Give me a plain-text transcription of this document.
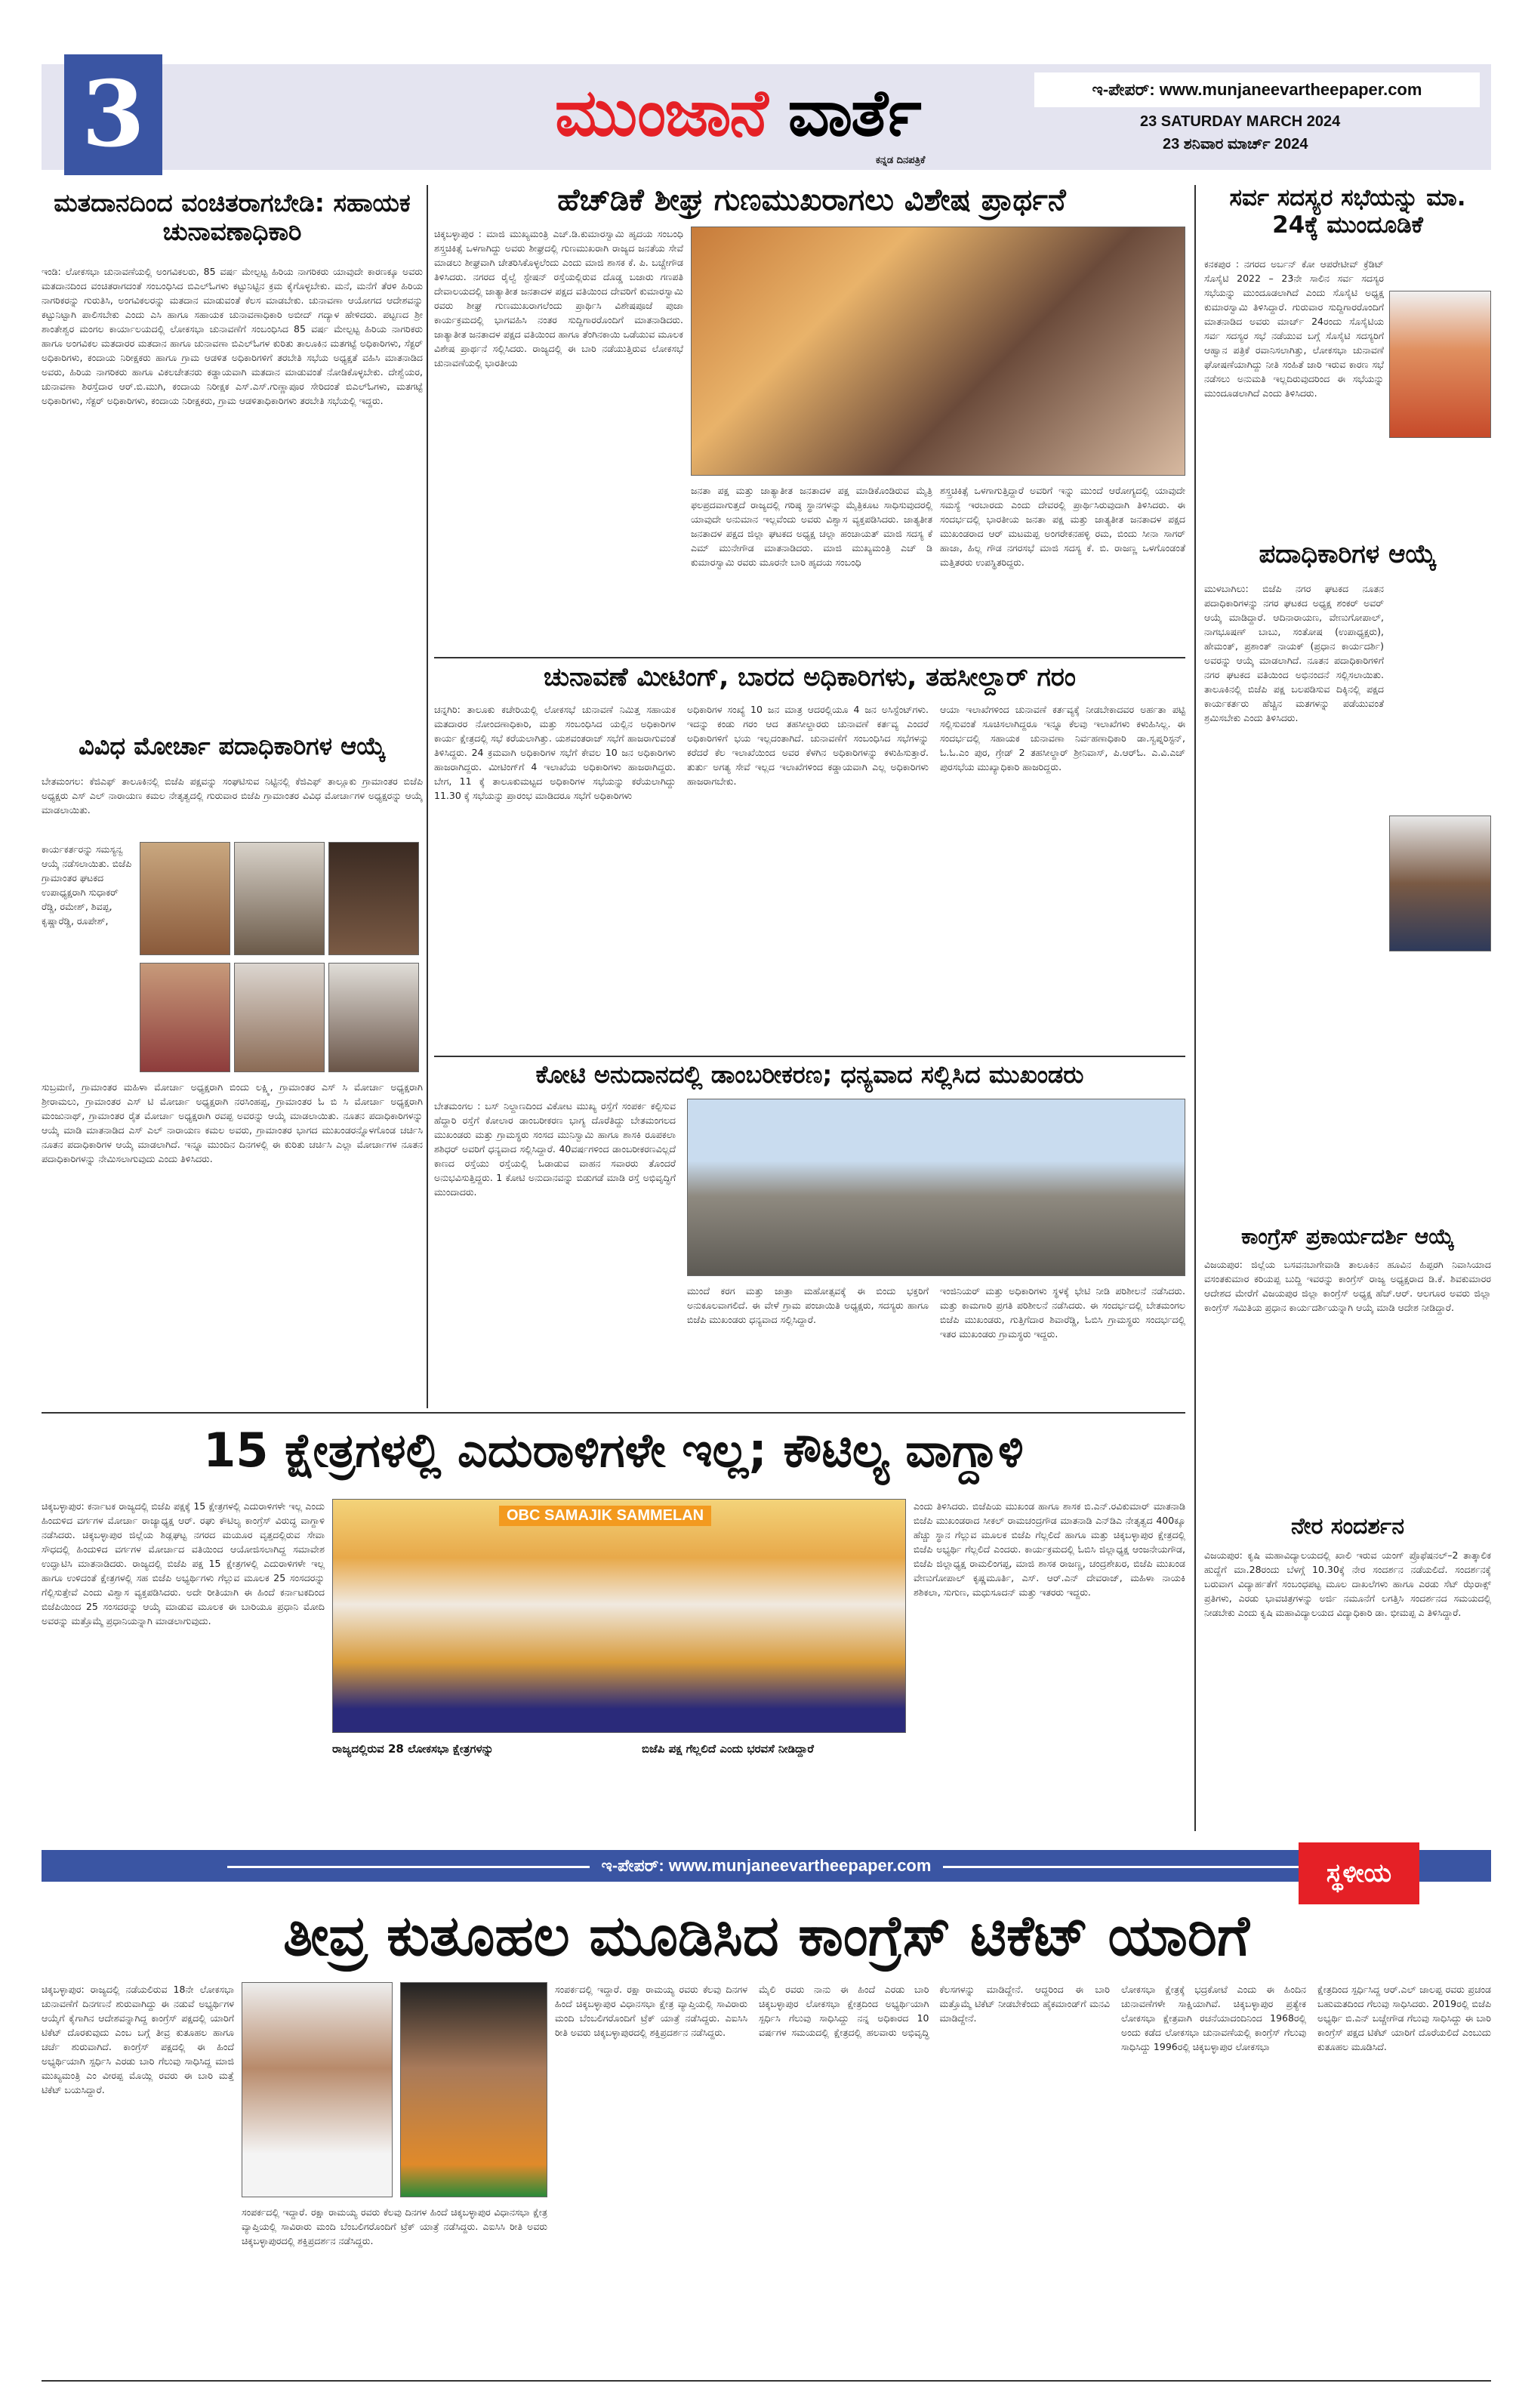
3	ಮುಂಜಾನೆ ವಾರ್ತೆ
ಕನ್ನಡ ದಿನಪತ್ರಿಕೆ
ಇ-ಪೇಪರ್: www.munjaneevartheepaper.com
23 SATURDAY MARCH 2024
23 ಶನಿವಾರ ಮಾರ್ಚ್ 2024
ಮತದಾನದಿಂದ ವಂಚಿತರಾಗಬೇಡಿ: ಸಹಾಯಕ ಚುನಾವಣಾಧಿಕಾರಿ
ಇಂಡಿ: ಲೋಕಸಭಾ ಚುನಾವಣೆಯಲ್ಲಿ ಅಂಗವಿಕಲರು, 85 ವರ್ಷ ಮೇಲ್ಪಟ್ಟ ಹಿರಿಯ ನಾಗರಿಕರು ಯಾವುದೇ ಕಾರಣಕ್ಕೂ ಅವರು ಮತದಾನದಿಂದ ವಂಚಿತರಾಗದಂತೆ ಸಂಬಂಧಿಸಿದ ಬಿಎಲ್‌ಓಗಳು ಕಟ್ಟುನಿಟ್ಟಿನ ಕ್ರಮ ಕೈಗೊಳ್ಳಬೇಕು. ಮನೆ, ಮನೆಗೆ ತೆರಳಿ ಹಿರಿಯ ನಾಗರಿಕರನ್ನು ಗುರುತಿಸಿ, ಅಂಗವಿಕಲರನ್ನು ಮತದಾನ ಮಾಡುವಂತೆ ಕೆಲಸ ಮಾಡಬೇಕು. ಚುನಾವಣಾ ಆಯೋಗದ ಆದೇಶವನ್ನು ಕಟ್ಟುನಿಟ್ಟಾಗಿ ಪಾಲಿಸಬೇಕು ಎಂದು ಎಸಿ ಹಾಗೂ ಸಹಾಯಕ ಚುನಾವಣಾಧಿಕಾರಿ ಅಬೀದ್ ಗದ್ಯಾಳ ಹೇಳಿದರು. ಪಟ್ಟಣದ ಶ್ರೀ ಶಾಂತೇಶ್ವರ ಮಂಗಲ ಕಾರ್ಯಾಲಯದಲ್ಲಿ ಲೋಕಸಭಾ ಚುನಾವಣೆಗೆ ಸಂಬಂಧಿಸಿದ 85 ವರ್ಷ ಮೇಲ್ಪಟ್ಟ ಹಿರಿಯ ನಾಗರಿಕರು ಹಾಗೂ ಅಂಗವಿಕಲ ಮತದಾರರ ಮತದಾನ ಹಾಗೂ ಚುನಾವಣಾ ಬಿಎಲ್‌ಓಗಳ ಕುರಿತು ತಾಲೂಕಿನ ಮತಗಟ್ಟೆ ಅಧಿಕಾರಿಗಳು, ಸೆಕ್ಟರ್ ಅಧಿಕಾರಿಗಳು, ಕಂದಾಯ ನಿರೀಕ್ಷಕರು ಹಾಗೂ ಗ್ರಾಮ ಆಡಳಿತ ಅಧಿಕಾರಿಗಳಿಗೆ ತರಬೇತಿ ಸಭೆಯ ಅಧ್ಯಕ್ಷತೆ ವಹಿಸಿ ಮಾತನಾಡಿದ ಅವರು, ಹಿರಿಯ ನಾಗರಿಕರು ಹಾಗೂ ವಿಕಲಚೇತನರು ಕಡ್ಡಾಯವಾಗಿ ಮತದಾನ ಮಾಡುವಂತೆ ನೋಡಿಕೊಳ್ಳಬೇಕು. ದೇಶ್ವೆಯರ, ಚುನಾವಣಾ ಶಿರಸ್ತೆದಾರ ಆರ್.ಬಿ.ಮುಗಿ, ಕಂದಾಯ ನಿರೀಕ್ಷಕ ಎಸ್.ಎಸ್.ಗುಣ್ಣಾಪೂರ ಸೇರಿದಂತೆ ಬಿಎಲ್‌ಓಗಳು, ಮತಗಟ್ಟೆ ಅಧಿಕಾರಿಗಳು, ಸೆಕ್ಟರ್ ಅಧಿಕಾರಿಗಳು, ಕಂದಾಯ ನಿರೀಕ್ಷಕರು, ಗ್ರಾಮ ಆಡಳಿತಾಧಿಕಾರಿಗಳು ತರಬೇತಿ ಸಭೆಯಲ್ಲಿ ಇದ್ದರು.
ವಿವಿಧ ಮೋರ್ಚಾ ಪದಾಧಿಕಾರಿಗಳ ಆಯ್ಕೆ
ಬೇತಮಂಗಲ: ಕೆಜಿಎಫ್ ತಾಲೂಕಿನಲ್ಲಿ ಬಿಜೆಪಿ ಪಕ್ಷವನ್ನು ಸಂಘಟಿಸುವ ನಿಟ್ಟಿನಲ್ಲಿ ಕೆಜಿಎಫ್ ತಾಲ್ಲೂಕು ಗ್ರಾಮಾಂತರ ಬಿಜೆಪಿ ಅಧ್ಯಕ್ಷರು ಎಸ್ ಎಲ್ ನಾರಾಯಣ ಕಮಲ ನೇತೃತ್ವದಲ್ಲಿ ಗುರುವಾರ ಬಿಜೆಪಿ ಗ್ರಾಮಾಂತರ ವಿವಿಧ ಮೋರ್ಚಾಗಳ ಅಧ್ಯಕ್ಷರನ್ನು ಆಯ್ಕೆ ಮಾಡಲಾಯಿತು.
ಕಾರ್ಯಕರ್ತರನ್ನು ಸಮಸ್ಯನ್ವ ಆಯ್ಕೆ ನಡೆಸಲಾಯಿತು. ಬಿಜೆಪಿ ಗ್ರಾಮಾಂತರ ಘಟಕದ ಉಪಾಧ್ಯಕ್ಷರಾಗಿ ಸುಧಾಕರ್ ರೆಡ್ಡಿ, ರಮೇಶ್, ಶಿವಪ್ಪ, ಕೃಷ್ಣಾರೆಡ್ಡಿ, ರೂಪೇಶ್,
ಸುಬ್ರಮಣಿ, ಗ್ರಾಮಾಂತರ ಮಹಿಳಾ ಮೋರ್ಚಾ ಅಧ್ಯಕ್ಷರಾಗಿ ಬಿಂದು ಲಕ್ಷ್ಮಿ, ಗ್ರಾಮಾಂತರ ಎಸ್ ಸಿ ಮೋರ್ಚಾ ಅಧ್ಯಕ್ಷರಾಗಿ ಶ್ರೀರಾಮಲು, ಗ್ರಾಮಾಂತರ ಎಸ್ ಟಿ ಮೋರ್ಚಾ ಅಧ್ಯಕ್ಷರಾಗಿ ನರಸಿಂಹಪ್ಪ, ಗ್ರಾಮಾಂತರ ಓ ಬಿ ಸಿ ಮೋರ್ಚಾ ಅಧ್ಯಕ್ಷರಾಗಿ ಮಂಜುನಾಥ್, ಗ್ರಾಮಾಂತರ ರೈತ ಮೋರ್ಚಾ ಅಧ್ಯಕ್ಷರಾಗಿ ರವಪ್ಪ ಅವರನ್ನು ಆಯ್ಕೆ ಮಾಡಲಾಯಿತು. ನೂತನ ಪದಾಧಿಕಾರಿಗಳನ್ನು ಆಯ್ಕೆ ಮಾಡಿ ಮಾತನಾಡಿದ ಎಸ್ ಎಲ್ ನಾರಾಯಣ ಕಮಲ ಅವರು, ಗ್ರಾಮಾಂತರ ಭಾಗದ ಮುಖಂಡರನ್ನೊಳಗೊಂಡ ಚರ್ಚಿಸಿ ನೂತನ ಪದಾಧಿಕಾರಿಗಳ ಆಯ್ಕೆ ಮಾಡಲಾಗಿದೆ. ಇನ್ನೂ ಮುಂದಿನ ದಿನಗಳಲ್ಲಿ ಈ ಕುರಿತು ಚರ್ಚಿಸಿ ಎಲ್ಲಾ ಮೋರ್ಚಾಗಳ ನೂತನ ಪದಾಧಿಕಾರಿಗಳನ್ನು ನೇಮಿಸಲಾಗುವುದು ಎಂದು ತಿಳಿಸಿದರು.
ಹೆಚ್‌ಡಿಕೆ ಶೀಘ್ರ ಗುಣಮುಖರಾಗಲು ವಿಶೇಷ ಪ್ರಾರ್ಥನೆ
ಚಿಕ್ಕಬಳ್ಳಾಪುರ : ಮಾಜಿ ಮುಖ್ಯಮಂತ್ರಿ ಎಚ್.ಡಿ.ಕುಮಾರಸ್ವಾಮಿ ಹೃದಯ ಸಂಬಂಧಿ ಶಸ್ತ್ರಚಿಕಿತ್ಸೆ ಒಳಗಾಗಿದ್ದು ಅವರು ಶೀಘ್ರದಲ್ಲಿ ಗುಣಮುಖರಾಗಿ ರಾಜ್ಯದ ಜನತೆಯ ಸೇವೆ ಮಾಡಲು ಶೀಘ್ರವಾಗಿ ಚೇತರಿಸಿಕೊಳ್ಳಲೆಂದು ಎಂದು ಮಾಜಿ ಶಾಸಕ ಕೆ. ಪಿ. ಬಚ್ಚೇಗೌಡ ತಿಳಿಸಿದರು. ನಗರದ ರೈಲ್ವೆ ಸ್ಟೇಷನ್ ರಸ್ತೆಯಲ್ಲಿರುವ ದೊಡ್ಡ ಬಜಾರು ಗಣಪತಿ ದೇವಾಲಯದಲ್ಲಿ ಜಾತ್ಯಾತೀತ ಜನತಾದಳ ಪಕ್ಷದ ವತಿಯಿಂದ ದೇವರಿಗೆ ಕುಮಾರಸ್ವಾಮಿ ರವರು ಶೀಘ್ರ ಗುಣಮುಖರಾಗಲೆಂದು ಪ್ರಾರ್ಥಿಸಿ ವಿಶೇಷಪೂಜೆ ಪುಜಾ ಕಾರ್ಯಕ್ರಮದಲ್ಲಿ ಭಾಗವಹಿಸಿ ನಂತರ ಸುದ್ದಿಗಾರರೊಂದಿಗೆ ಮಾತನಾಡಿದರು. ಜಾತ್ಯಾತೀತ ಜನತಾದಳ ಪಕ್ಷದ ವತಿಯಿಂದ ಹಾಗೂ ತೆಂಗಿನಕಾಯಿ ಒಡೆಯುವ ಮೂಲಕ ವಿಶೇಷ ಪ್ರಾರ್ಥನೆ ಸಲ್ಲಿಸಿದರು. ರಾಜ್ಯದಲ್ಲಿ ಈ ಬಾರಿ ನಡೆಯುತ್ತಿರುವ ಲೋಕಸಭೆ ಚುನಾವಣೆಯಲ್ಲಿ ಭಾರತೀಯ
ಜನತಾ ಪಕ್ಷ ಮತ್ತು ಜಾತ್ಯಾತೀತ ಜನತಾದಳ ಪಕ್ಷ ಮಾಡಿಕೊಂಡಿರುವ ಮೈತ್ರಿ ಫಲಪ್ರದವಾಗುತ್ತದೆ ರಾಜ್ಯದಲ್ಲಿ ಗರಿಷ್ಠ ಸ್ಥಾನಗಳನ್ನು ಮೈತ್ರಿಕೂಟ ಸಾಧಿಸುವುದರಲ್ಲಿ ಯಾವುದೇ ಅನುಮಾನ ಇಲ್ಲವೆಂದು ಅವರು ವಿಶ್ವಾಸ ವ್ಯಕ್ತಪಡಿಸಿದರು. ಜಾತ್ಯತೀತ ಜನತಾದಳ ಪಕ್ಷದ ಜಿಲ್ಲಾ ಘಟಕದ ಅಧ್ಯಕ್ಷ ಚಲ್ಲಾ ಹಂಚಾಯತ್ ಮಾಜಿ ಸದಸ್ಯ ಕೆ ಎಮ್ ಮುನೇಗೌಡ ಮಾತನಾಡಿದರು. ಮಾಜಿ ಮುಖ್ಯಮಂತ್ರಿ ಎಚ್ ಡಿ ಕುಮಾರಸ್ವಾಮಿ ರವರು ಮೂರನೇ ಬಾರಿ ಹೃದಯ ಸಂಬಂಧಿ
ಶಸ್ತ್ರಚಿಕಿತ್ಸೆ ಒಳಗಾಗುತ್ತಿದ್ದಾರೆ ಅವರಿಗೆ ಇನ್ನು ಮುಂದೆ ಆರೋಗ್ಯದಲ್ಲಿ ಯಾವುದೇ ಸಮಸ್ಯೆ ಇರಬಾರದು ಎಂದು ದೇವರಲ್ಲಿ ಪ್ರಾರ್ಥಿಸಿರುವುದಾಗಿ ತಿಳಿಸಿದರು. ಈ ಸಂದರ್ಭದಲ್ಲಿ ಭಾರತೀಯ ಜನತಾ ಪಕ್ಷ ಮತ್ತು ಜಾತ್ಯತೀತ ಜನತಾದಳ ಪಕ್ಷದ ಮುಖಂಡರಾದ ಆರ್ ಮಟಮಪ್ಪ ಅಂಗರೇಕನಹಳ್ಳಿ ರಮ, ಬಿಂದು ಸೀನಾ ಸಾಗರ್ ಹಾಜಾ, ಹಿಲ್ಲ ಗೌಡ ನಗರಸಭೆ ಮಾಜಿ ಸದಸ್ಯ ಕೆ. ಬಿ. ರಾಜಣ್ಣ ಒಳಗೊಂಡಂತೆ ಮತ್ತಿತರರು ಉಪಸ್ಥಿತರಿದ್ದರು.
ಚುನಾವಣೆ ಮೀಟಿಂಗ್, ಬಾರದ ಅಧಿಕಾರಿಗಳು, ತಹಸೀಲ್ದಾರ್ ಗರಂ
ಚನ್ನಗಿರಿ: ತಾಲೂಕು ಕಚೇರಿಯಲ್ಲಿ ಲೋಕಸಭೆ ಚುನಾವಣೆ ನಿಮಿತ್ತ ಸಹಾಯಕ ಮತದಾರರ ನೋಂದಣಾಧಿಕಾರಿ, ಮತ್ತು ಸಂಬಂಧಿಸಿದ ಯಲ್ಲಿನ ಅಧಿಕಾರಿಗಳ ಕಾರ್ಯ ಕ್ಷೇತ್ರದಲ್ಲಿ ಸಭೆ ಕರೆಯಲಾಗಿತ್ತು. ಯಶವಂತರಾಜ್ ಸಭೆಗೆ ಹಾಜರಾಗುವಂತೆ ತಿಳಿಸಿದ್ದರು. 24 ಕ್ರಮವಾಗಿ ಅಧಿಕಾರಿಗಳ ಸಭೆಗೆ ಕೇವಲ 10 ಜನ ಅಧಿಕಾರಿಗಳು ಹಾಜರಾಗಿದ್ದರು. ಮೀಟಿಂಗ್‌ಗೆ 4 ಇಲಾಖೆಯ ಅಧಿಕಾರಿಗಳು ಹಾಜರಾಗಿದ್ದರು. ಬೇಗ, 11 ಕ್ಕೆ ತಾಲೂಕುಮಟ್ಟದ ಅಧಿಕಾರಿಗಳ ಸಭೆಯನ್ನು ಕರೆಯಲಾಗಿದ್ದು 11.30 ಕ್ಕೆ ಸಭೆಯನ್ನು ಪ್ರಾರಂಭ ಮಾಡಿದರೂ ಸಭೆಗೆ ಅಧಿಕಾರಿಗಳು
ಅಧಿಕಾರಿಗಳ ಸಂಖ್ಯೆ 10 ಜನ ಮಾತ್ರ ಆದರಲ್ಲಿಯೂ 4 ಜನ ಅಸಿಸ್ಟೆಂಟ್‌ಗಳು. ಇದನ್ನು ಕಂಡು ಗರಂ ಆದ ತಹಸೀಲ್ದಾರರು ಚುನಾವಣೆ ಕರ್ತವ್ಯ ಎಂದರೆ ಅಧಿಕಾರಿಗಳಿಗೆ ಭಯ ಇಲ್ಲದಂತಾಗಿದೆ. ಚುನಾವಣೆಗೆ ಸಂಬಂಧಿಸಿದ ಸಭೆಗಳನ್ನು ಕರೆದರೆ ಕೆಲ ಇಲಾಖೆಯಿಂದ ಅವರ ಕೆಳಗಿನ ಅಧಿಕಾರಿಗಳನ್ನು ಕಳುಹಿಸುತ್ತಾರೆ. ತುರ್ತು ಅಗತ್ಯ ಸೇವೆ ಇಲ್ಲದ ಇಲಾಖೆಗಳಿಂದ ಕಡ್ಡಾಯವಾಗಿ ಎಲ್ಲ ಅಧಿಕಾರಿಗಳು ಹಾಜರಾಗಬೇಕು.
ಆಯಾ ಇಲಾಖೆಗಳಿಂದ ಚುನಾವಣೆ ಕರ್ತವ್ಯಕ್ಕೆ ನೀಡಬೇಕಾದವರ ಅರ್ಹತಾ ಪಟ್ಟಿ ಸಲ್ಲಿಸುವಂತೆ ಸೂಚಿಸಲಾಗಿದ್ದರೂ ಇನ್ನೂ ಕೆಲವು ಇಲಾಖೆಗಳು ಕಳುಹಿಸಿಲ್ಲ. ಈ ಸಂದರ್ಭದಲ್ಲಿ ಸಹಾಯಕ ಚುನಾವಣಾ ನಿರ್ವಹಣಾಧಿಕಾರಿ ಡಾ.ಸ್ವಪ್ನರಿಸ್ಟನ್, ಓ.ಓ.ಎಂ ಪುರ, ಗ್ರೇಡ್ 2 ತಹಸೀಲ್ದಾರ್ ಶ್ರೀನಿವಾಸ್, ಪಿ.ಆರ್‌ಓ. ಎ.ವಿ.ಎಚ್ ಪುರಸಭೆಯ ಮುಖ್ಯಾಧಿಕಾರಿ ಹಾಜರಿದ್ದರು.
ಕೋಟಿ ಅನುದಾನದಲ್ಲಿ ಡಾಂಬರೀಕರಣ; ಧನ್ಯವಾದ ಸಲ್ಲಿಸಿದ ಮುಖಂಡರು
ಬೇತಮಂಗಲ : ಬಸ್ ನಿಲ್ದಾಣದಿಂದ ವಿಕೋಟ ಮುಖ್ಯ ರಸ್ತೆಗೆ ಸಂಪರ್ಕ ಕಲ್ಪಿಸುವ ಹೆದ್ದಾರಿ ರಸ್ತೆಗೆ ಕೋಲಾರ ಡಾಂಬರೀಕರಣ ಭಾಗ್ಯ ದೊರೆತಿದ್ದು ಬೇತಮಂಗಲದ ಮುಖಂಡರು ಮತ್ತು ಗ್ರಾಮಸ್ಥರು ಸಂಸದ ಮುನಿಸ್ವಾಮಿ ಹಾಗೂ ಶಾಸಕಿ ರೂಪಕಲಾ ಶಶಿಧರ್ ಅವರಿಗೆ ಧನ್ಯವಾದ ಸಲ್ಲಿಸಿದ್ದಾರೆ. 40ವರ್ಷಗಳಿಂದ ಡಾಂಬರೀಕರಣವಿಲ್ಲದೆ ಕಾಣದ ರಸ್ತೆಯು ರಸ್ತೆಯಲ್ಲಿ ಓಡಾಡುವ ವಾಹನ ಸವಾರರು ತೊಂದರೆ ಅನುಭವಿಸುತ್ತಿದ್ದರು. 1 ಕೋಟಿ ಅನುದಾನವನ್ನು ಬಿಡುಗಡೆ ಮಾಡಿ ರಸ್ತೆ ಅಭಿವೃದ್ಧಿಗೆ ಮುಂದಾದರು.
ಮುಂದೆ ಕರಗ ಮತ್ತು ಜಾತ್ರಾ ಮಹೋತ್ಸವಕ್ಕೆ ಈ ಬಿಂದು ಭಕ್ತರಿಗೆ ಅನುಕೂಲವಾಗಲಿದೆ. ಈ ವೇಳೆ ಗ್ರಾಮ ಪಂಚಾಯಿತಿ ಅಧ್ಯಕ್ಷರು, ಸದಸ್ಯರು ಹಾಗೂ ಬಿಜೆಪಿ ಮುಖಂಡರು ಧನ್ಯವಾದ ಸಲ್ಲಿಸಿದ್ದಾರೆ.
ಇಂಜಿನಿಯರ್ ಮತ್ತು ಅಧಿಕಾರಿಗಳು ಸ್ಥಳಕ್ಕೆ ಭೇಟಿ ನೀಡಿ ಪರಿಶೀಲನೆ ನಡೆಸಿದರು. ಮತ್ತು ಕಾಮಗಾರಿ ಪ್ರಗತಿ ಪರಿಶೀಲನೆ ನಡೆಸಿದರು. ಈ ಸಂದರ್ಭದಲ್ಲಿ ಬೇತಮಂಗಲ ಬಿಜೆಪಿ ಮುಖಂಡರು, ಗುತ್ತಿಗೆದಾರ ಶಿವಾರೆಡ್ಡಿ, ಓಬಿಸಿ ಗ್ರಾಮಸ್ಥರು ಸಂದರ್ಭದಲ್ಲಿ ಇತರ ಮುಖಂಡರು ಗ್ರಾಮಸ್ಥರು ಇದ್ದರು.
ಸರ್ವ ಸದಸ್ಯರ ಸಭೆಯನ್ನು ಮಾ. 24ಕ್ಕೆ ಮುಂದೂಡಿಕೆ
ಕನಕಪುರ : ನಗರದ ಅರ್ಬನ್ ಕೋ ಆಪರೇಟೀವ್ ಕ್ರೆಡಿಟ್ ಸೊಸೈಟಿ 2022 – 23ನೇ ಸಾಲಿನ ಸರ್ವ ಸದಸ್ಯರ ಸಭೆಯನ್ನು ಮುಂದೂಡಲಾಗಿದೆ ಎಂದು ಸೊಸೈಟಿ ಅಧ್ಯಕ್ಷ ಕುಮಾರಸ್ವಾಮಿ ತಿಳಿಸಿದ್ದಾರೆ. ಗುರುವಾರ ಸುದ್ದಿಗಾರರೊಂದಿಗೆ ಮಾತನಾಡಿದ ಅವರು ಮಾರ್ಚ್ 24ರಂದು ಸೊಸೈಟಿಯ ಸರ್ವ ಸದಸ್ಯರ ಸಭೆ ನಡೆಯುವ ಬಗ್ಗೆ ಸೊಸೈಟಿ ಸದಸ್ಯರಿಗೆ ಆಹ್ವಾನ ಪತ್ರಿಕೆ ರವಾನಿಸಲಾಗಿತ್ತು, ಲೋಕಸಭಾ ಚುನಾವಣೆ ಘೋಷಣೆಯಾಗಿದ್ದು ನೀತಿ ಸಂಹಿತೆ ಜಾರಿ ಇರುವ ಕಾರಣ ಸಭೆ ನಡೆಸಲು ಅನುಮತಿ ಇಲ್ಲದಿರುವುದರಿಂದ ಈ ಸಭೆಯನ್ನು ಮುಂದೂಡಲಾಗಿದೆ ಎಂದು ತಿಳಿಸಿದರು.
ಪದಾಧಿಕಾರಿಗಳ ಆಯ್ಕೆ
ಮುಳಬಾಗಿಲು: ಬಿಜೆಪಿ ನಗರ ಘಟಕದ ನೂತನ ಪದಾಧಿಕಾರಿಗಳನ್ನು ನಗರ ಘಟಕದ ಅಧ್ಯಕ್ಷ ಶಂಕರ್ ಅವರ್ ಆಯ್ಕೆ ಮಾಡಿದ್ದಾರೆ. ಆದಿನಾರಾಯಣ, ವೇಣುಗೋಪಾಲ್, ನಾಗಭೂಷಣ್ ಬಾಬು, ಸಂತೋಷ (ಉಪಾಧ್ಯಕ್ಷರು), ಹೇಮಂತ್, ಪ್ರಶಾಂತ್ ನಾಯಕ್ (ಪ್ರಧಾನ ಕಾರ್ಯದರ್ಶಿ) ಅವರನ್ನು ಆಯ್ಕೆ ಮಾಡಲಾಗಿದೆ. ನೂತನ ಪದಾಧಿಕಾರಿಗಳಿಗೆ ನಗರ ಘಟಕದ ವತಿಯಿಂದ ಅಭಿನಂದನೆ ಸಲ್ಲಿಸಲಾಯಿತು. ತಾಲೂಕಿನಲ್ಲಿ ಬಿಜೆಪಿ ಪಕ್ಷ ಬಲಪಡಿಸುವ ದಿಕ್ಕಿನಲ್ಲಿ ಪಕ್ಷದ ಕಾರ್ಯಕರ್ತರು ಹೆಚ್ಚಿನ ಮತಗಳನ್ನು ಪಡೆಯುವಂತೆ ಶ್ರಮಿಸಬೇಕು ಎಂದು ತಿಳಿಸಿದರು.
ಕಾಂಗ್ರೆಸ್ ಪ್ರಕಾರ್ಯದರ್ಶಿ ಆಯ್ಕೆ
ವಿಜಯಪುರ: ಜಿಲ್ಲೆಯ ಬಸವನಬಾಗೇವಾಡಿ ತಾಲೂಕಿನ ಹೂವಿನ ಹಿಪ್ಪರಗಿ ನಿವಾಸಿಯಾದ ವಸಂತಕುಮಾರ ಕರಿಯಪ್ಪ ಬುದ್ದಿ ಇವರನ್ನು ಕಾಂಗ್ರೆಸ್ ರಾಜ್ಯ ಅಧ್ಯಕ್ಷರಾದ ಡಿ.ಕೆ. ಶಿವಕುಮಾರರ ಆದೇಶದ ಮೇರೆಗೆ ವಿಜಯಪುರ ಜಿಲ್ಲಾ ಕಾಂಗ್ರೆಸ್ ಅಧ್ಯಕ್ಷ ಹೆಚ್.ಆರ್. ಆಲಗೂರ ಅವರು ಜಿಲ್ಲಾ ಕಾಂಗ್ರೆಸ್ ಸಮಿತಿಯ ಪ್ರಧಾನ ಕಾರ್ಯದರ್ಶಿಯನ್ನಾಗಿ ಆಯ್ಕೆ ಮಾಡಿ ಆದೇಶ ನೀಡಿದ್ದಾರೆ.
ನೇರ ಸಂದರ್ಶನ
ವಿಜಯಪುರ: ಕೃಷಿ ಮಹಾವಿದ್ಯಾಲಯದಲ್ಲಿ ಖಾಲಿ ಇರುವ ಯಂಗ್ ಪ್ರೊಫೆಷನಲ್–2 ತಾತ್ಕಾಲಿಕ ಹುದ್ದೆಗೆ ಮಾ.28ರಂದು ಬೆಳಗ್ಗೆ 10.30ಕ್ಕೆ ನೇರ ಸಂದರ್ಶನ ನಡೆಯಲಿದೆ. ಸಂದರ್ಶನಕ್ಕೆ ಬರುವಾಗ ವಿದ್ಯಾರ್ಹತೆಗೆ ಸಂಬಂಧಪಟ್ಟ ಮೂಲ ದಾಖಲೆಗಳು ಹಾಗೂ ಎರಡು ಸೆಟ್ ಝೆರಾಕ್ಸ್ ಪ್ರತಿಗಳು, ಎರಡು ಭಾವಚಿತ್ರಗಳನ್ನು ಅರ್ಜಿ ನಮೂನೆಗೆ ಲಗತ್ತಿಸಿ ಸಂದರ್ಶನದ ಸಮಯದಲ್ಲಿ ನೀಡಬೇಕು ಎಂದು ಕೃಷಿ ಮಹಾವಿದ್ಯಾಲಯದ ವಿದ್ಯಾಧಿಕಾರಿ ಡಾ. ಭೀಮಪ್ಪ ಎ ತಿಳಿಸಿದ್ದಾರೆ.
15 ಕ್ಷೇತ್ರಗಳಲ್ಲಿ ಎದುರಾಳಿಗಳೇ ಇಲ್ಲ; ಕೌಟಿಲ್ಯ ವಾಗ್ದಾಳಿ
ಚಿಕ್ಕಬಳ್ಳಾಪುರ: ಕರ್ನಾಟಕ ರಾಜ್ಯದಲ್ಲಿ ಬಿಜೆಪಿ ಪಕ್ಷಕ್ಕೆ 15 ಕ್ಷೇತ್ರಗಳಲ್ಲಿ ಎದುರಾಳಿಗಳೇ ಇಲ್ಲ ಎಂದು ಹಿಂದುಳಿದ ವರ್ಗಗಳ ಮೋರ್ಚಾ ರಾಜ್ಯಾಧ್ಯಕ್ಷ ಆರ್. ರಘು ಕೌಟಿಲ್ಯ ಕಾಂಗ್ರೆಸ್ ವಿರುದ್ಧ ವಾಗ್ದಾಳಿ ನಡೆಸಿದರು. ಚಿಕ್ಕಬಳ್ಳಾಪುರ ಜಿಲ್ಲೆಯ ಶಿಡ್ಲಘಟ್ಟ ನಗರದ ಮಯೂರ ವೃತ್ತದಲ್ಲಿರುವ ಸೇವಾ ಸೌಧದಲ್ಲಿ ಹಿಂದುಳಿದ ವರ್ಗಗಳ ಮೋರ್ಚಾದ ವತಿಯಿಂದ ಆಯೋಜಿಸಲಾಗಿದ್ದ ಸಮಾವೇಶ ಉದ್ಘಾಟಿಸಿ ಮಾತನಾಡಿದರು. ರಾಜ್ಯದಲ್ಲಿ ಬಿಜೆಪಿ ಪಕ್ಷ 15 ಕ್ಷೇತ್ರಗಳಲ್ಲಿ ಎದುರಾಳಿಗಳೇ ಇಲ್ಲ ಹಾಗೂ ಉಳಿದಂತೆ ಕ್ಷೇತ್ರಗಳಲ್ಲಿ ಸಹ ಬಿಜೆಪಿ ಅಭ್ಯರ್ಥಿಗಳು ಗೆಲ್ಲುವ ಮೂಲಕ 25 ಸಂಸದರನ್ನು ಗೆಲ್ಲಿಸುತ್ತೇವೆ ಎಂದು ವಿಶ್ವಾಸ ವ್ಯಕ್ತಪಡಿಸಿದರು. ಅದೇ ರೀತಿಯಾಗಿ ಈ ಹಿಂದೆ ಕರ್ನಾಟಕದಿಂದ ಬಿಜೆಪಿಯಿಂದ 25 ಸಂಸದರನ್ನು ಆಯ್ಕೆ ಮಾಡುವ ಮೂಲಕ ಈ ಬಾರಿಯೂ ಪ್ರಧಾನಿ ಮೋದಿ ಅವರನ್ನು ಮತ್ತೊಮ್ಮೆ ಪ್ರಧಾನಿಯನ್ನಾಗಿ ಮಾಡಲಾಗುವುದು.
OBC SAMAJIK SAMMELAN
ರಾಜ್ಯದಲ್ಲಿರುವ 28 ಲೋಕಸಭಾ ಕ್ಷೇತ್ರಗಳನ್ನು	ಬಿಜೆಪಿ ಪಕ್ಷ ಗೆಲ್ಲಲಿದೆ ಎಂದು ಭರವಸೆ ನೀಡಿದ್ದಾರೆ
ಎಂದು ತಿಳಿಸಿದರು. ಬಿಜೆಪಿಯ ಮುಖಂಡ ಹಾಗೂ ಶಾಸಕ ಬಿ.ಎನ್.ರವಿಕುಮಾರ್ ಮಾತನಾಡಿ ಬಿಜೆಪಿ ಮುಖಂಡರಾದ ಸೀಕಲ್ ರಾಮಚಂದ್ರಗೌಡ ಮಾತನಾಡಿ ಎನ್‌ಡಿಎ ನೇತೃತ್ವದ 400ಕ್ಕೂ ಹೆಚ್ಚು ಸ್ಥಾನ ಗೆಲ್ಲುವ ಮೂಲಕ ಬಿಜೆಪಿ ಗೆಲ್ಲಲಿದೆ ಹಾಗೂ ಮತ್ತು ಚಿಕ್ಕಬಳ್ಳಾಪುರ ಕ್ಷೇತ್ರದಲ್ಲಿ ಬಿಜೆಪಿ ಅಭ್ಯರ್ಥಿ ಗೆಲ್ಲಲಿದೆ ಎಂದರು. ಕಾರ್ಯಕ್ರಮದಲ್ಲಿ ಓಬಿಸಿ ಜಿಲ್ಲಾಧ್ಯಕ್ಷ ಆಂಜನೇಯಗೌಡ, ಬಿಜೆಪಿ ಜಿಲ್ಲಾಧ್ಯಕ್ಷ ರಾಮಲಿಂಗಪ್ಪ, ಮಾಜಿ ಶಾಸಕ ರಾಜಣ್ಣ, ಚಂದ್ರಶೇಖರ, ಬಿಜೆಪಿ ಮುಖಂಡ ವೇಣುಗೋಪಾಲ್ ಕೃಷ್ಣಮೂರ್ತಿ, ಎಸ್. ಆರ್.ಎನ್ ದೇವರಾಜ್, ಮಹಿಳಾ ನಾಯಕಿ ಶಶಿಕಲಾ, ಸುಗುಣ, ಮಧುಸೂದನ್ ಮತ್ತು ಇತರರು ಇದ್ದರು.
ಇ-ಪೇಪರ್: www.munjaneevartheepaper.com	ಸ್ಥಳೀಯ
ತೀವ್ರ ಕುತೂಹಲ ಮೂಡಿಸಿದ ಕಾಂಗ್ರೆಸ್ ಟಿಕೆಟ್ ಯಾರಿಗೆ
ಚಿಕ್ಕಬಳ್ಳಾಪುರ: ರಾಜ್ಯದಲ್ಲಿ ನಡೆಯಲಿರುವ 18ನೇ ಲೋಕಸಭಾ ಚುನಾವಣೆಗೆ ದಿನಗಣನೆ ಶುರುವಾಗಿದ್ದು ಈ ನಡುವೆ ಅಭ್ಯರ್ಥಿಗಳ ಆಯ್ಕೆಗೆ ಕೈಗಾಗಿನ ಆದೇಶವನ್ನಾಗಿದ್ದ ಕಾಂಗ್ರೆಸ್ ಪಕ್ಷದಲ್ಲಿ ಯಾರಿಗೆ ಟಿಕೆಟ್ ದೊರಕುವುದು ಎಂಬ ಬಗ್ಗೆ ತೀವ್ರ ಕುತೂಹಲ ಹಾಗೂ ಚರ್ಚೆ ಶುರುವಾಗಿದೆ. ಕಾಂಗ್ರೆಸ್ ಪಕ್ಷದಲ್ಲಿ ಈ ಹಿಂದೆ ಅಭ್ಯರ್ಥಿಯಾಗಿ ಸ್ಪರ್ಧಿಸಿ ಎರಡು ಬಾರಿ ಗೆಲುವು ಸಾಧಿಸಿದ್ದ ಮಾಜಿ ಮುಖ್ಯಮಂತ್ರಿ ಎಂ ವೀರಪ್ಪ ಮೊಯ್ಲಿ ರವರು ಈ ಬಾರಿ ಮತ್ತೆ ಟಿಕೆಟ್ ಬಯಸಿದ್ದಾರೆ.
ಸಂಪರ್ಕದಲ್ಲಿ ಇದ್ದಾರೆ. ರಕ್ಷಾ ರಾಮಯ್ಯ ರವರು ಕೆಲವು ದಿನಗಳ ಹಿಂದೆ ಚಿಕ್ಕಬಳ್ಳಾಪುರ ವಿಧಾನಸಭಾ ಕ್ಷೇತ್ರ ವ್ಯಾಪ್ತಿಯಲ್ಲಿ ಸಾವಿರಾರು ಮಂದಿ ಬೆಂಬಲಿಗರೊಂದಿಗೆ ಟ್ರೆಕ್ ಯಾತ್ರೆ ನಡೆಸಿದ್ದರು. ಎಐಸಿಸಿ ರೀತಿ ಅವರು ಚಿಕ್ಕಬಳ್ಳಾಪುರದಲ್ಲಿ ಶಕ್ತಿಪ್ರದರ್ಶನ ನಡೆಸಿದ್ದರು.
ಸಂಪರ್ಕದಲ್ಲಿ ಇದ್ದಾರೆ. ರಕ್ಷಾ ರಾಮಯ್ಯ ರವರು ಕೆಲವು ದಿನಗಳ ಹಿಂದೆ ಚಿಕ್ಕಬಳ್ಳಾಪುರ ವಿಧಾನಸಭಾ ಕ್ಷೇತ್ರ ವ್ಯಾಪ್ತಿಯಲ್ಲಿ ಸಾವಿರಾರು ಮಂದಿ ಬೆಂಬಲಿಗರೊಂದಿಗೆ ಟ್ರೆಕ್ ಯಾತ್ರೆ ನಡೆಸಿದ್ದರು. ಎಐಸಿಸಿ ರೀತಿ ಅವರು ಚಿಕ್ಕಬಳ್ಳಾಪುರದಲ್ಲಿ ಶಕ್ತಿಪ್ರದರ್ಶನ ನಡೆಸಿದ್ದರು.
ಮೈಲಿ ರವರು ನಾನು ಈ ಹಿಂದೆ ಎರಡು ಬಾರಿ ಚಿಕ್ಕಬಳ್ಳಾಪುರ ಲೋಕಸಭಾ ಕ್ಷೇತ್ರದಿಂದ ಅಭ್ಯರ್ಥಿಯಾಗಿ ಸ್ಪರ್ಧಿಸಿ ಗೆಲುವು ಸಾಧಿಸಿದ್ದು ನನ್ನ ಅಧಿಕಾರದ 10 ವರ್ಷಗಳ ಸಮಯದಲ್ಲಿ ಕ್ಷೇತ್ರದಲ್ಲಿ ಹಲವಾರು ಅಭಿವೃದ್ಧಿ ಕೆಲಸಗಳನ್ನು ಮಾಡಿದ್ದೇನೆ. ಆದ್ದರಿಂದ ಈ ಬಾರಿ ಮತ್ತೊಮ್ಮೆ ಟಿಕೆಟ್ ನೀಡಬೇಕೆಂದು ಹೈಕಮಾಂಡ್‌ಗೆ ಮನವಿ ಮಾಡಿದ್ದೇನೆ.
ಲೋಕಸಭಾ ಕ್ಷೇತ್ರಕ್ಕೆ ಭದ್ರಕೋಟೆ ಎಂದು ಈ ಹಿಂದಿನ ಚುನಾವಣೆಗಳೇ ಸಾಕ್ಷಿಯಾಗಿವೆ. ಚಿಕ್ಕಬಳ್ಳಾಪುರ ಪ್ರತ್ಯೇಕ ಲೋಕಸಭಾ ಕ್ಷೇತ್ರವಾಗಿ ರಚನೆಯಾದಂದಿನಿಂದ 1968ರಲ್ಲಿ ಅಂದು ಕಡೆದ ಲೋಕಸಭಾ ಚುನಾವಣೆಯಲ್ಲಿ ಕಾಂಗ್ರೆಸ್ ಗೆಲುವು ಸಾಧಿಸಿದ್ದು 1996ರಲ್ಲಿ ಚಿಕ್ಕಬಳ್ಳಾಪುರ ಲೋಕಸಭಾ
ಕ್ಷೇತ್ರದಿಂದ ಸ್ಪರ್ಧಿಸಿದ್ದ ಆರ್.ಎಲ್ ಜಾಲಪ್ಪ ರವರು ಪ್ರಚಂಡ ಬಹುಮತದಿಂದ ಗೆಲುವು ಸಾಧಿಸಿದರು. 2019ರಲ್ಲಿ ಬಿಜೆಪಿ ಅಭ್ಯರ್ಥಿ ಬಿ.ಎನ್ ಬಚ್ಚೇಗೌಡ ಗೆಲುವು ಸಾಧಿಸಿದ್ದು ಈ ಬಾರಿ ಕಾಂಗ್ರೆಸ್ ಪಕ್ಷದ ಟಿಕೆಟ್ ಯಾರಿಗೆ ದೊರೆಯಲಿದೆ ಎಂಬುದು ಕುತೂಹಲ ಮೂಡಿಸಿದೆ.
